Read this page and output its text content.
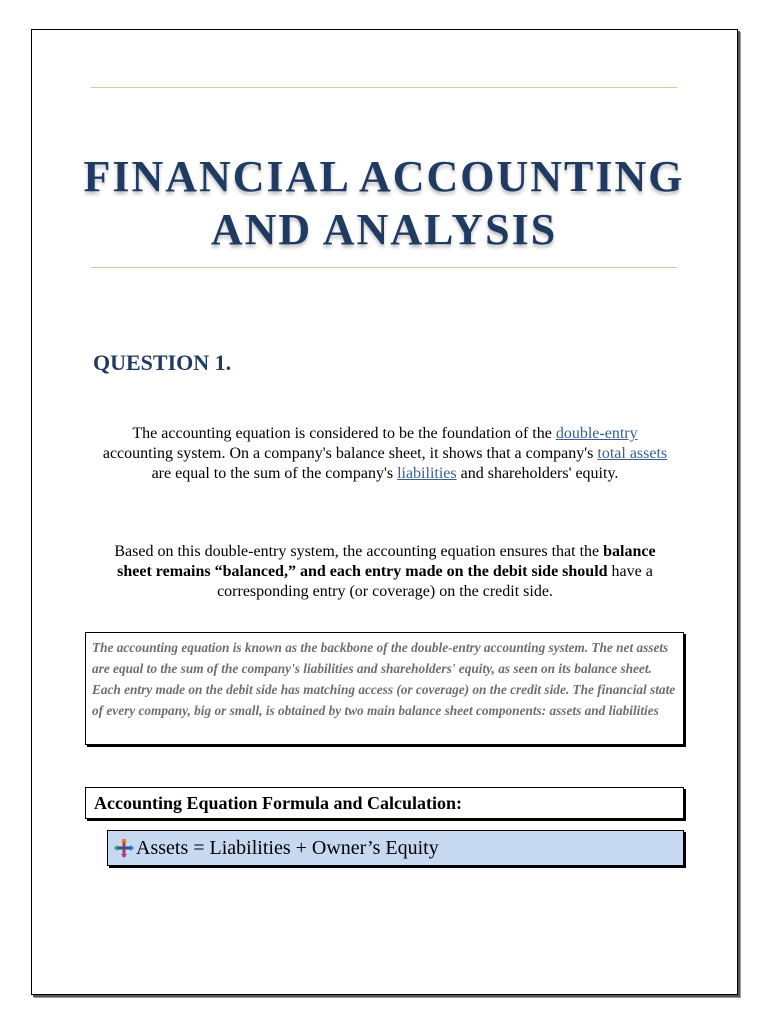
FINANCIAL ACCOUNTING
AND ANALYSIS
QUESTION 1.
The accounting equation is considered to be the foundation of the double-entry accounting system. On a company's balance sheet, it shows that a company's total assets are equal to the sum of the company's liabilities and shareholders' equity.
Based on this double-entry system, the accounting equation ensures that the balance sheet remains “balanced,” and each entry made on the debit side should have a corresponding entry (or coverage) on the credit side.
The accounting equation is known as the backbone of the double-entry accounting system. The net assets are equal to the sum of the company's liabilities and shareholders' equity, as seen on its balance sheet. Each entry made on the debit side has matching access (or coverage) on the credit side. The financial state of every company, big or small, is obtained by two main balance sheet components: assets and liabilities
Accounting Equation Formula and Calculation:
Assets = Liabilities + Owner’s Equity
